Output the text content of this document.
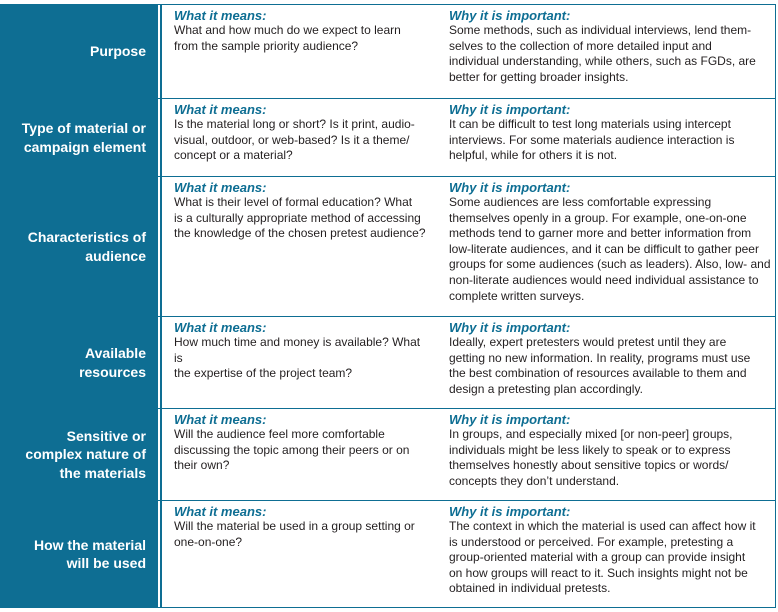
Purpose
What it means:
What and how much do we expect to learn
from the sample priority audience?
Why it is important:
Some methods, such as individual interviews, lend them-
selves to the collection of more detailed input and
individual understanding, while others, such as FGDs, are
better for getting broader insights.
Type of material or
campaign element
What it means:
Is the material long or short? Is it print, audio-
visual, outdoor, or web-based? Is it a theme/
concept or a material?
Why it is important:
It can be difficult to test long materials using intercept
interviews. For some materials audience interaction is
helpful, while for others it is not.
Characteristics of
audience
What it means:
What is their level of formal education? What
is a culturally appropriate method of accessing
the knowledge of the chosen pretest audience?
Why it is important:
Some audiences are less comfortable expressing
themselves openly in a group. For example, one-on-one
methods tend to garner more and better information from
low-literate audiences, and it can be difficult to gather peer
groups for some audiences (such as leaders). Also, low- and
non-literate audiences would need individual assistance to
complete written surveys.
Available
resources
What it means:
How much time and money is available? What is
the expertise of the project team?
Why it is important:
Ideally, expert pretesters would pretest until they are
getting no new information. In reality, programs must use
the best combination of resources available to them and
design a pretesting plan accordingly.
Sensitive or
complex nature of
the materials
What it means:
Will the audience feel more comfortable
discussing the topic among their peers or on
their own?
Why it is important:
In groups, and especially mixed [or non-peer] groups,
individuals might be less likely to speak or to express
themselves honestly about sensitive topics or words/
concepts they don’t understand.
How the material
will be used
What it means:
Will the material be used in a group setting or
one-on-one?
Why it is important:
The context in which the material is used can affect how it
is understood or perceived. For example, pretesting a
group-oriented material with a group can provide insight
on how groups will react to it. Such insights might not be
obtained in individual pretests.
